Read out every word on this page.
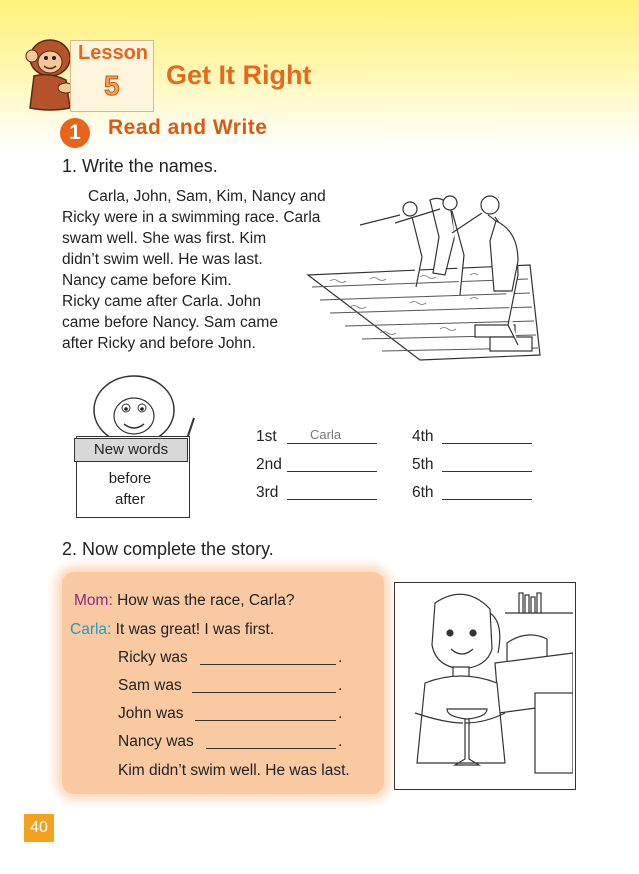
Lesson
5 Get It Right
1	Read and Write
1. Write the names.

Carla, John, Sam, Kim, Nancy and

Ricky were in a swimming race. Carla

swam well. She was first. Kim

didn’t swim well. He was last.

Nancy came before Kim.

Ricky came after Carla. John

came before Nancy. Sam came

after Ricky and before John.

New words
before
after
1st	Carla
2nd
3rd
4th
5th
6th
2. Now complete the story.
Mom: How was the race, Carla?
Carla: It was great! I was first.
Ricky was	.
Sam was	.
John was	.
Nancy was	.
Kim didn’t swim well. He was last.
40
